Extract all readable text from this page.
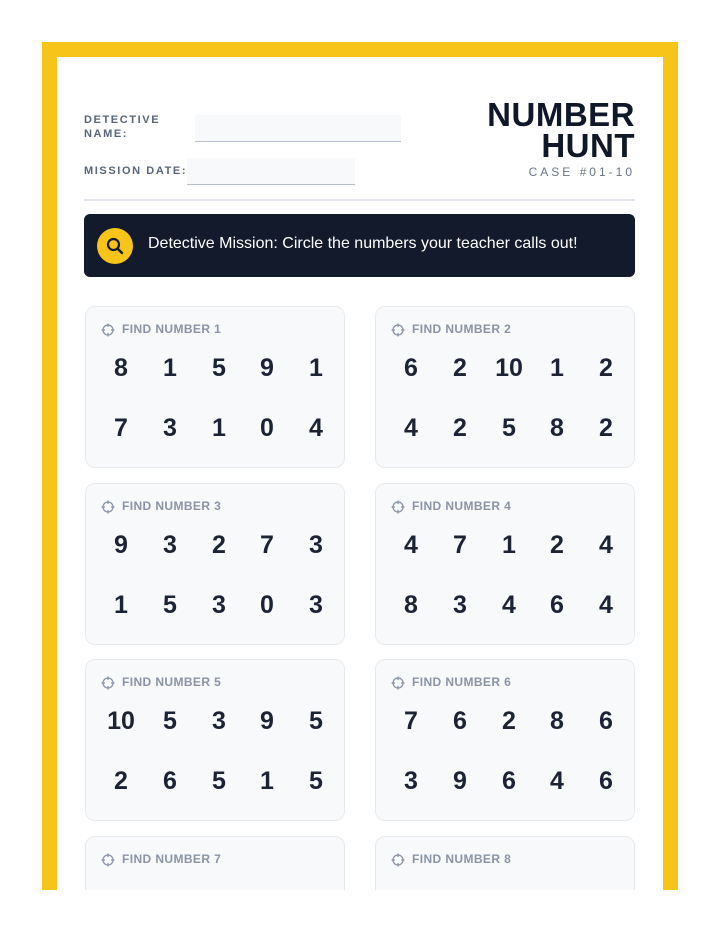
DETECTIVE
NAME:
MISSION DATE:
NUMBER
HUNT
CASE #01-10
Detective Mission: Circle the numbers your teacher calls out!
FIND NUMBER 1
8	1	5	9	1
7	3	1	0	4
FIND NUMBER 2
6	2	10	1	2
4	2	5	8	2
FIND NUMBER 3
9	3	2	7	3
1	5	3	0	3
FIND NUMBER 4
4	7	1	2	4
8	3	4	6	4
FIND NUMBER 5
10	5	3	9	5
2	6	5	1	5
FIND NUMBER 6
7	6	2	8	6
3	9	6	4	6
FIND NUMBER 7	FIND NUMBER 8
